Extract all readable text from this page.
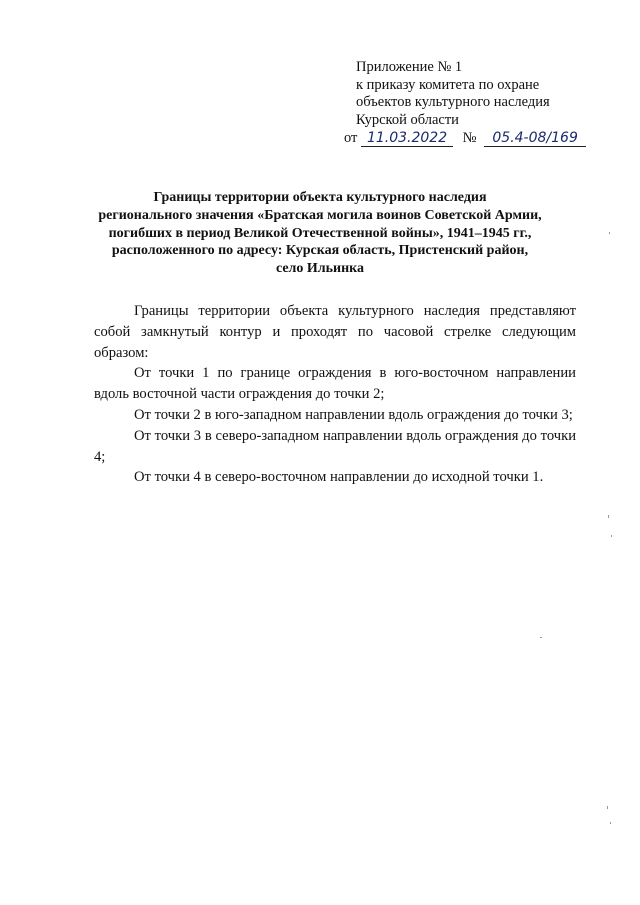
Приложение № 1
к приказу комитета по охране
объектов культурного наследия
Курской области
от 11.03.2022 № 05.4-08/169
Границы территории объекта культурного наследия
регионального значения «Братская могила воинов Советской Армии,
погибших в период Великой Отечественной войны», 1941–1945 гг.,
расположенного по адресу: Курская область, Пристенский район,
село Ильинка

Границы территории объекта культурного наследия представляют собой замкнутый контур и проходят по часовой стрелке следующим образом:

От точки 1 по границе ограждения в юго-восточном направлении вдоль восточной части ограждения до точки 2;

От точки 2 в юго-западном направлении вдоль ограждения до точки 3;

От точки 3 в северо-западном направлении вдоль ограждения до точки 4;

От точки 4 в северо-восточном направлении до исходной точки 1.
